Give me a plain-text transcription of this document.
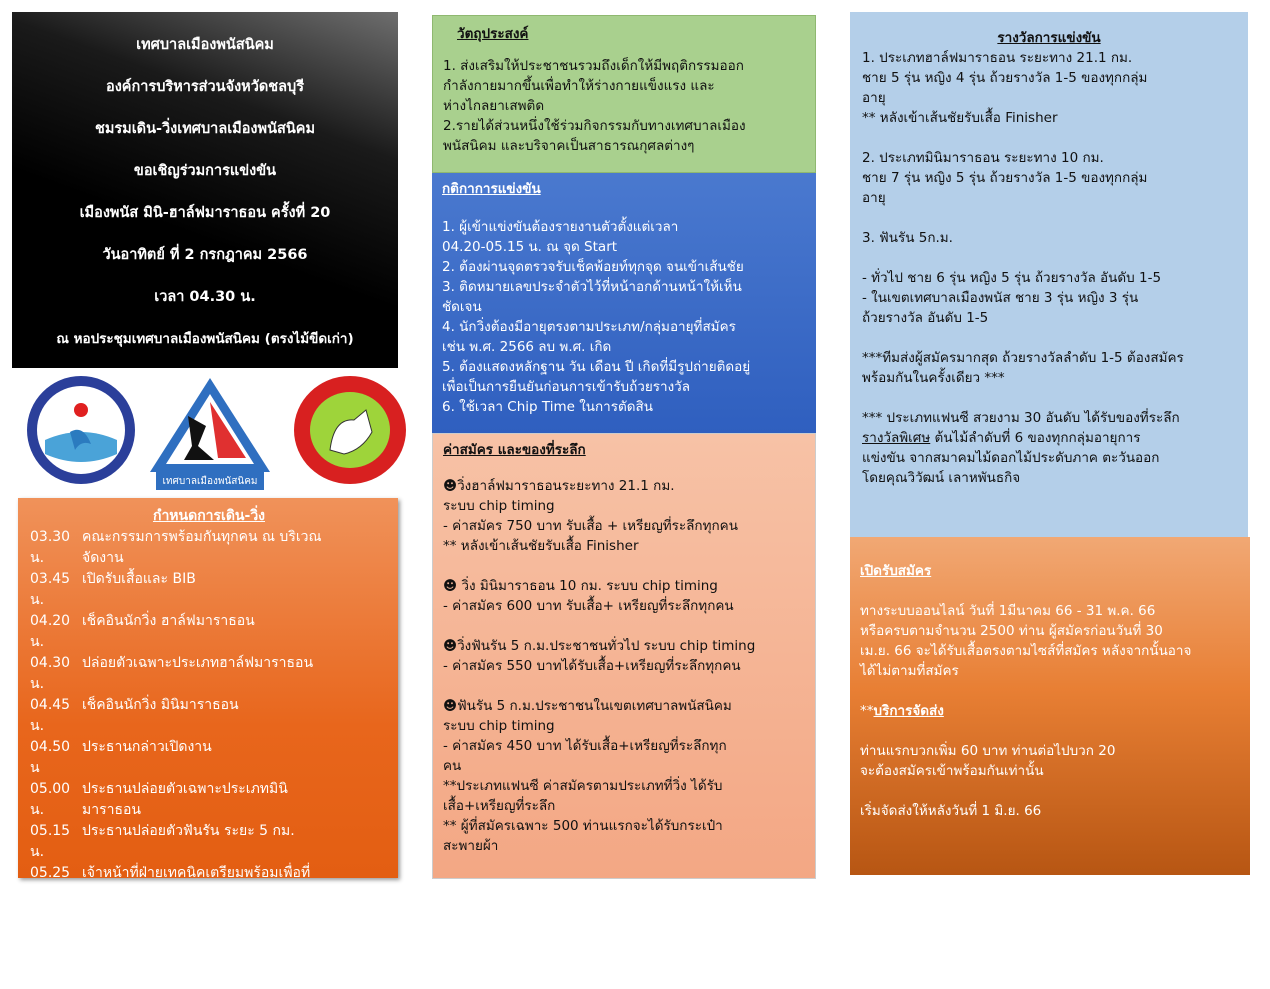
เทศบาลเมืองพนัสนิคม
องค์การบริหารส่วนจังหวัดชลบุรี
ชมรมเดิน-วิ่งเทศบาลเมืองพนัสนิคม
ขอเชิญร่วมการแข่งขัน
เมืองพนัส มินิ-ฮาล์ฟมาราธอน ครั้งที่ 20
วันอาทิตย์ ที่ 2 กรกฎาคม 2566
เวลา 04.30 น.
ณ หอประชุมเทศบาลเมืองพนัสนิคม (ตรงไม้ขีดเก่า)
เทศบาลเมืองพนัสนิคม
กำหนดการเดิน-วิ่ง
03.30 น.
คณะกรรมการพร้อมกันทุกคน ณ บริเวณ
จัดงาน
03.45 น.
เปิดรับเสื้อและ BIB
04.20 น.
เช็คอินนักวิ่ง ฮาล์ฟมาราธอน
04.30 น.
ปล่อยตัวเฉพาะประเภทฮาล์ฟมาราธอน
04.45 น.
เช็คอินนักวิ่ง มินิมาราธอน
04.50 น
ประธานกล่าวเปิดงาน
05.00 น.
ประธานปล่อยตัวเฉพาะประเภทมินิ
มาราธอน
05.15 น.
ประธานปล่อยตัวฟันรัน ระยะ 5 กม.
05.25 น.
เจ้าหน้าที่ฝ่ายเทคนิคเตรียมพร้อมเพื่อที่
จะเช็คผู้แข่งขันของทุกกลุ่มอายุ
06.00 น.
นักวิ่งทุกระยะทาง อันดับ 1-5
รายงานตัว
06.30 น.
เริ่มพิธีมอบถ้วยรางวัล มอบของรางวัล
และปิดการแข่งขัน
วัตถุประสงค์
1. ส่งเสริมให้ประชาชนรวมถึงเด็กให้มีพฤติกรรมออก
กำลังกายมากขึ้นเพื่อทำให้ร่างกายแข็งแรง และ
ห่างไกลยาเสพติด
2.รายได้ส่วนหนึ่งใช้ร่วมกิจกรรมกับทางเทศบาลเมือง
พนัสนิคม และบริจาคเป็นสาธารณกุศลต่างๆ
กติกาการแข่งขัน
1. ผู้เข้าแข่งขันต้องรายงานตัวตั้งแต่เวลา
04.20-05.15 น. ณ จุด Start
2. ต้องผ่านจุดตรวจรับเช็คพ้อยท์ทุกจุด จนเข้าเส้นชัย
3. ติดหมายเลขประจำตัวไว้ที่หน้าอกด้านหน้าให้เห็น
ชัดเจน
4. นักวิ่งต้องมีอายุตรงตามประเภท/กลุ่มอายุที่สมัคร
เช่น พ.ศ. 2566 ลบ พ.ศ. เกิด
5. ต้องแสดงหลักฐาน วัน เดือน ปี เกิดที่มีรูปถ่ายติดอยู่
เพื่อเป็นการยืนยันก่อนการเข้ารับถ้วยรางวัล
6. ใช้เวลา Chip Time ในการตัดสิน
ค่าสมัคร และของที่ระลึก
☻วิ่งฮาล์ฟมาราธอนระยะทาง 21.1 กม.
ระบบ chip timing
- ค่าสมัคร 750 บาท รับเสื้อ + เหรียญที่ระลึกทุกคน
** หลังเข้าเส้นชัยรับเสื้อ Finisher

☻ วิ่ง มินิมาราธอน 10 กม. ระบบ chip timing
- ค่าสมัคร 600 บาท รับเสื้อ+ เหรียญที่ระลึกทุกคน

☻วิ่งฟันรัน 5 ก.ม.ประชาชนทั่วไป ระบบ chip timing
- ค่าสมัคร 550 บาทได้รับเสื้อ+เหรียญที่ระลึกทุกคน

☻ฟันรัน 5 ก.ม.ประชาชนในเขตเทศบาลพนัสนิคม
ระบบ chip timing
- ค่าสมัคร 450 บาท ได้รับเสื้อ+เหรียญที่ระลึกทุก
คน
**ประเภทแฟนซี ค่าสมัครตามประเภทที่วิ่ง ได้รับ
เสื้อ+เหรียญที่ระลึก
** ผู้ที่สมัครเฉพาะ 500 ท่านแรกจะได้รับกระเป๋า
สะพายผ้า
รางวัลการแข่งขัน
1. ประเภทฮาล์ฟมาราธอน ระยะทาง 21.1 กม.
ชาย 5 รุ่น หญิง 4 รุ่น ถ้วยรางวัล 1-5 ของทุกกลุ่ม
อายุ
** หลังเข้าเส้นชัยรับเสื้อ Finisher

2. ประเภทมินิมาราธอน ระยะทาง 10 กม.
ชาย 7 รุ่น หญิง 5 รุ่น ถ้วยรางวัล 1-5 ของทุกกลุ่ม
อายุ

3. ฟันรัน 5ก.ม.

- ทั่วไป ชาย 6 รุ่น หญิง 5 รุ่น ถ้วยรางวัล อันดับ 1-5
- ในเขตเทศบาลเมืองพนัส ชาย 3 รุ่น หญิง 3 รุ่น
ถ้วยรางวัล อันดับ 1-5

***ทีมส่งผู้สมัครมากสุด ถ้วยรางวัลลำดับ 1-5 ต้องสมัคร
พร้อมกันในครั้งเดียว ***

*** ประเภทแฟนซี สวยงาม 30 อันดับ ได้รับของที่ระลึก

รางวัลพิเศษ ต้นไม้ลำดับที่ 6 ของทุกกลุ่มอายุการ
แข่งขัน จากสมาคมไม้ดอกไม้ประดับภาค ตะวันออก
โดยคุณวิวัฒน์ เลาหพันธกิจ
เปิดรับสมัคร
ทางระบบออนไลน์ วันที่ 1มีนาคม 66 - 31 พ.ค. 66
หรือครบตามจำนวน 2500 ท่าน ผู้สมัครก่อนวันที่ 30
เม.ย. 66 จะได้รับเสื้อตรงตามไซส์ที่สมัคร หลังจากนั้นอาจ
ได้ไม่ตามที่สมัคร
**บริการจัดส่ง
ท่านแรกบวกเพิ่ม 60 บาท ท่านต่อไปบวก 20
จะต้องสมัครเข้าพร้อมกันเท่านั้น

เริ่มจัดส่งให้หลังวันที่ 1 มิ.ย. 66
